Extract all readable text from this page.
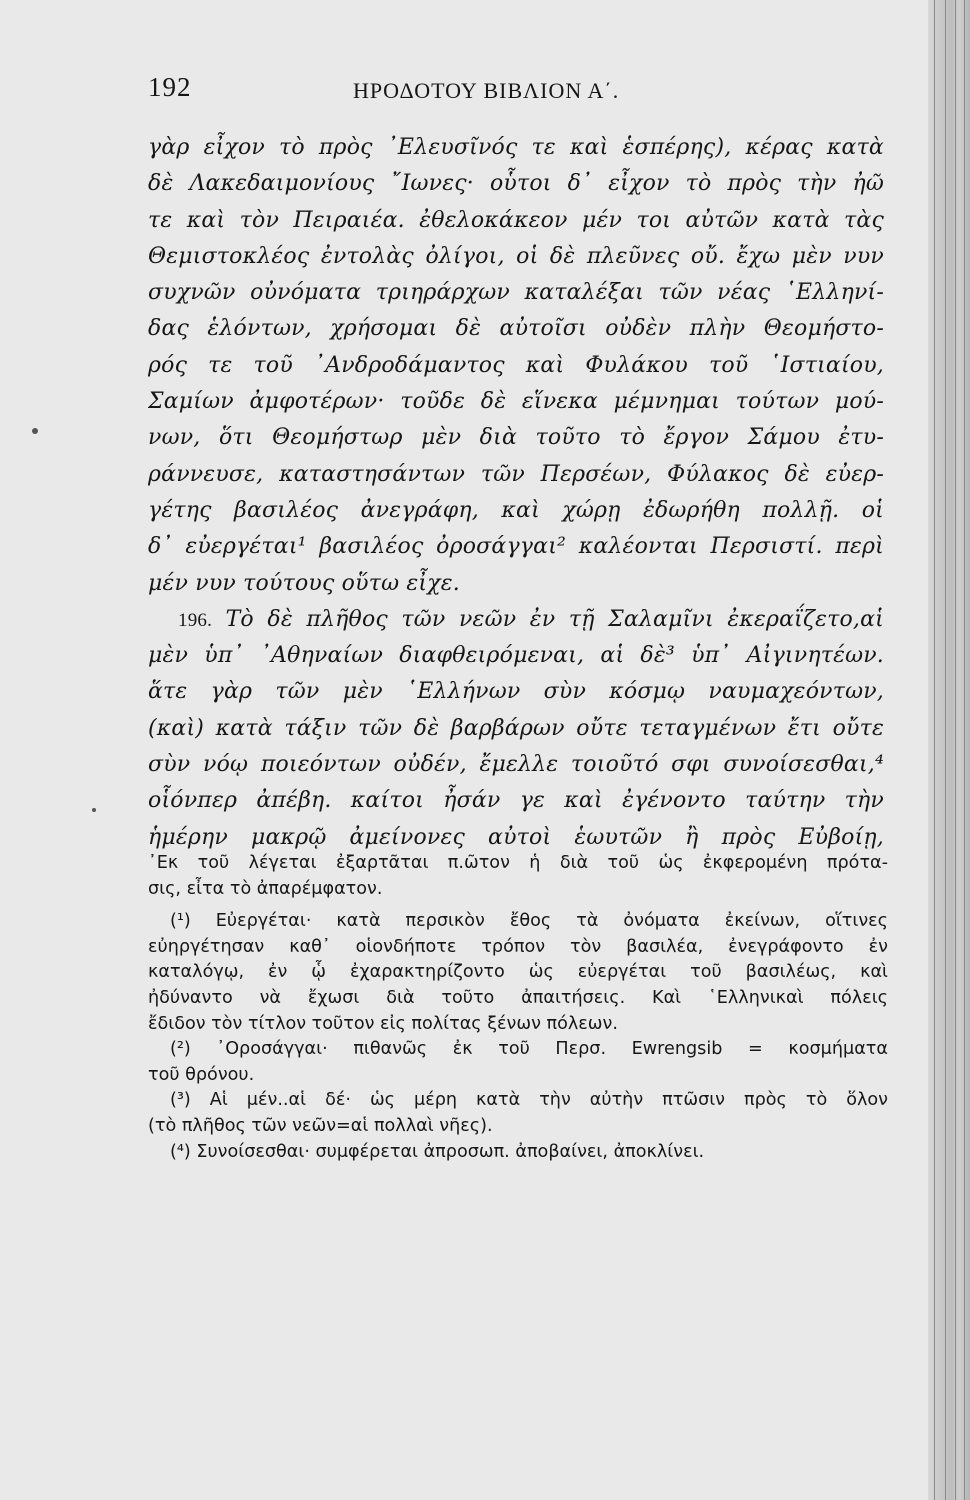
192	ΗΡΟΔΟΤΟΥ ΒΙΒΛΙΟΝ Α΄.
γὰρ εἶχον τὸ πρὸς ᾿Ελευσῖνός τε καὶ ἑσπέρης), κέρας κατὰ
δὲ Λακεδαιμονίους ῎Ιωνες· οὗτοι δ᾿ εἶχον τὸ πρὸς τὴν ἠῶ
τε καὶ τὸν Πειραιέα. ἐθελοκάκεον μέν τοι αὐτῶν κατὰ τὰς
Θεμιστοκλέος ἐντολὰς ὀλίγοι, οἱ δὲ πλεῦνες οὔ. ἔχω μὲν νυν
συχνῶν οὐνόματα τριηράρχων καταλέξαι τῶν νέας ῾Ελληνί-
δας ἑλόντων, χρήσομαι δὲ αὐτοῖσι οὐδὲν πλὴν Θεομήστο-
ρός τε τοῦ ᾿Ανδροδάμαντος καὶ Φυλάκου τοῦ ῾Ιστιαίου,
Σαμίων ἀμφοτέρων· τοῦδε δὲ εἵνεκα μέμνημαι τούτων μού-
νων, ὅτι Θεομήστωρ μὲν διὰ τοῦτο τὸ ἔργον Σάμου ἐτυ-
ράννευσε, καταστησάντων τῶν Περσέων, Φύλακος δὲ εὐερ-
γέτης βασιλέος ἀνεγράφη, καὶ χώρῃ ἐδωρήθη πολλῇ. οἱ
δ᾿ εὐεργέται¹ βασιλέος ὀροσάγγαι² καλέονται Περσιστί. περὶ
μέν νυν τούτους οὕτω εἶχε.
196. Τὸ δὲ πλῆθος τῶν νεῶν ἐν τῇ Σαλαμῖνι ἐκεραΐζετο,αἱ
μὲν ὑπ᾿ ᾿Αθηναίων διαφθειρόμεναι, αἱ δὲ³ ὑπ᾿ Αἰγινητέων.
ἅτε γὰρ τῶν μὲν ῾Ελλήνων σὺν κόσμῳ ναυμαχεόντων,
(καὶ) κατὰ τάξιν τῶν δὲ βαρβάρων οὔτε τεταγμένων ἔτι οὔτε
σὺν νόῳ ποιεόντων οὐδέν, ἔμελλε τοιοῦτό σφι συνοίσεσθαι,⁴
οἷόνπερ ἀπέβη. καίτοι ἦσάν γε καὶ ἐγένοντο ταύτην τὴν
ἡμέρην μακρῷ ἀμείνονες αὐτοὶ ἑωυτῶν ἢ πρὸς Εὐβοίῃ,
᾿Εκ τοῦ λέγεται ἐξαρτᾶται π.ῶτον ἡ διὰ τοῦ ὡς ἐκφερομένη πρότα-
σις, εἶτα τὸ ἀπαρέμφατον.
(¹) Εὐεργέται· κατὰ περσικὸν ἔθος τὰ ὀνόματα ἐκείνων, οἵτινες
εὐηργέτησαν καθ᾿ οἱονδήποτε τρόπον τὸν βασιλέα, ἐνεγράφοντο ἐν
καταλόγῳ, ἐν ᾧ ἐχαρακτηρίζοντο ὡς εὐεργέται τοῦ βασιλέως, καὶ
ἠδύναντο νὰ ἔχωσι διὰ τοῦτο ἀπαιτήσεις. Καὶ ῾Ελληνικαὶ πόλεις
ἔδιδον τὸν τίτλον τοῦτον εἰς πολίτας ξένων πόλεων.
(²) ᾿Οροσάγγαι· πιθανῶς ἐκ τοῦ Περσ. Ewrengsib = κοσμήματα
τοῦ θρόνου.
(³) Αἱ μέν..αἱ δέ· ὡς μέρη κατὰ τὴν αὐτὴν πτῶσιν πρὸς τὸ ὅλον
(τὸ πλῆθος τῶν νεῶν=αἱ πολλαὶ νῆες).
(⁴) Συνοίσεσθαι· συμφέρεται ἀπροσωπ. ἀποβαίνει, ἀποκλίνει.
